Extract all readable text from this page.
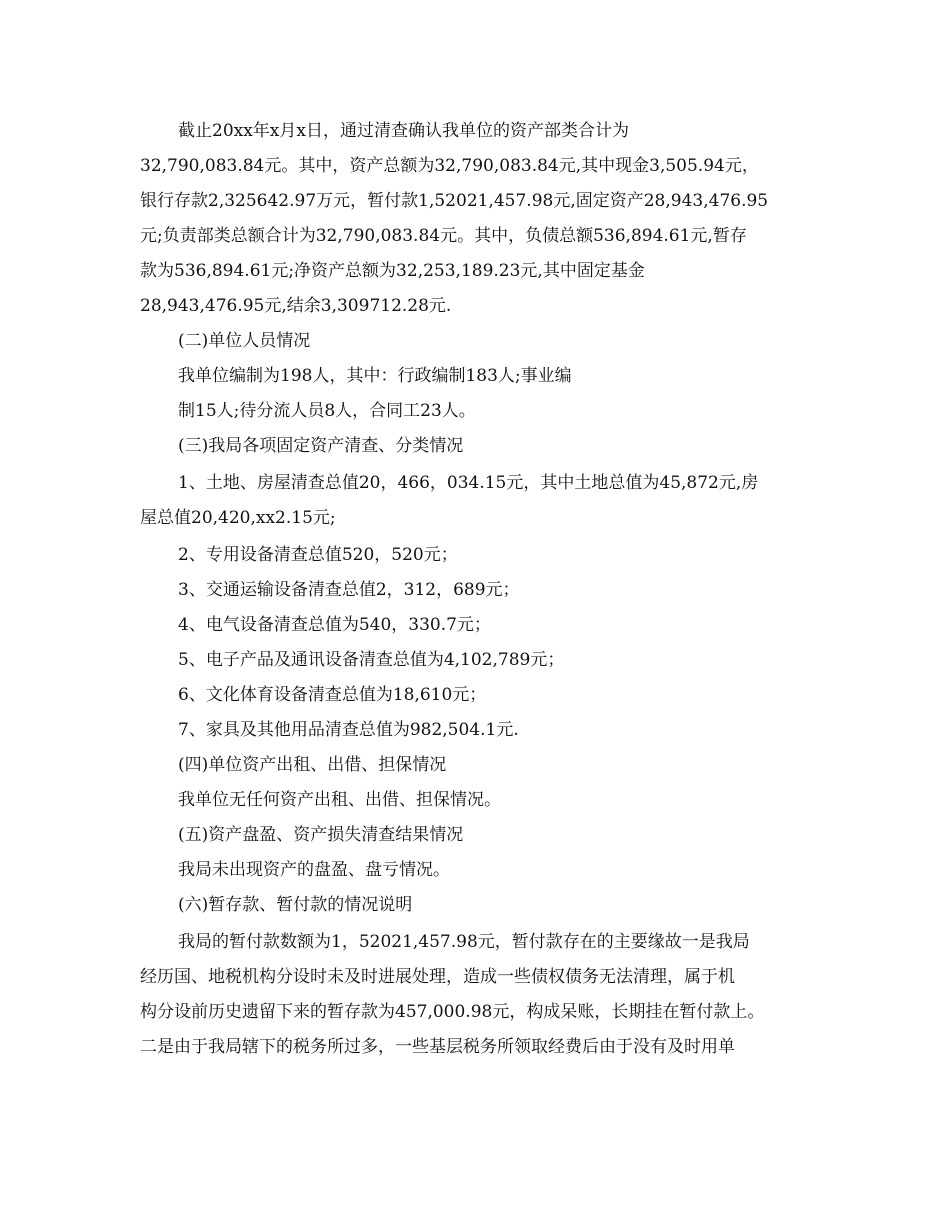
截止20xx年x月x日，通过清查确认我单位的资产部类合计为
32,790,083.84元。其中，资产总额为32,790,083.84元,其中现金3,505.94元，
银行存款2,325642.97万元，暂付款1,52021,457.98元,固定资产28,943,476.95
元;负责部类总额合计为32,790,083.84元。其中，负债总额536,894.61元,暂存
款为536,894.61元;净资产总额为32,253,189.23元,其中固定基金
28,943,476.95元,结余3,309712.28元.
(二)单位人员情况
我单位编制为198人，其中：行政编制183人;事业编
制15人;待分流人员8人，合同工23人。
(三)我局各项固定资产清查、分类情况
1、土地、房屋清查总值20，466，034.15元，其中土地总值为45,872元,房
屋总值20,420,xx2.15元;
2、专用设备清查总值520，520元；
3、交通运输设备清查总值2，312，689元；
4、电气设备清查总值为540，330.7元；
5、电子产品及通讯设备清查总值为4,102,789元；
6、文化体育设备清查总值为18,610元；
7、家具及其他用品清查总值为982,504.1元.
(四)单位资产出租、出借、担保情况
我单位无任何资产出租、出借、担保情况。
(五)资产盘盈、资产损失清查结果情况
我局未出现资产的盘盈、盘亏情况。
(六)暂存款、暂付款的情况说明
我局的暂付款数额为1，52021,457.98元，暂付款存在的主要缘故一是我局
经历国、地税机构分设时未及时进展处理，造成一些债权债务无法清理，属于机
构分设前历史遗留下来的暂存款为457,000.98元，构成呆账，长期挂在暂付款上。
二是由于我局辖下的税务所过多，一些基层税务所领取经费后由于没有及时用单
